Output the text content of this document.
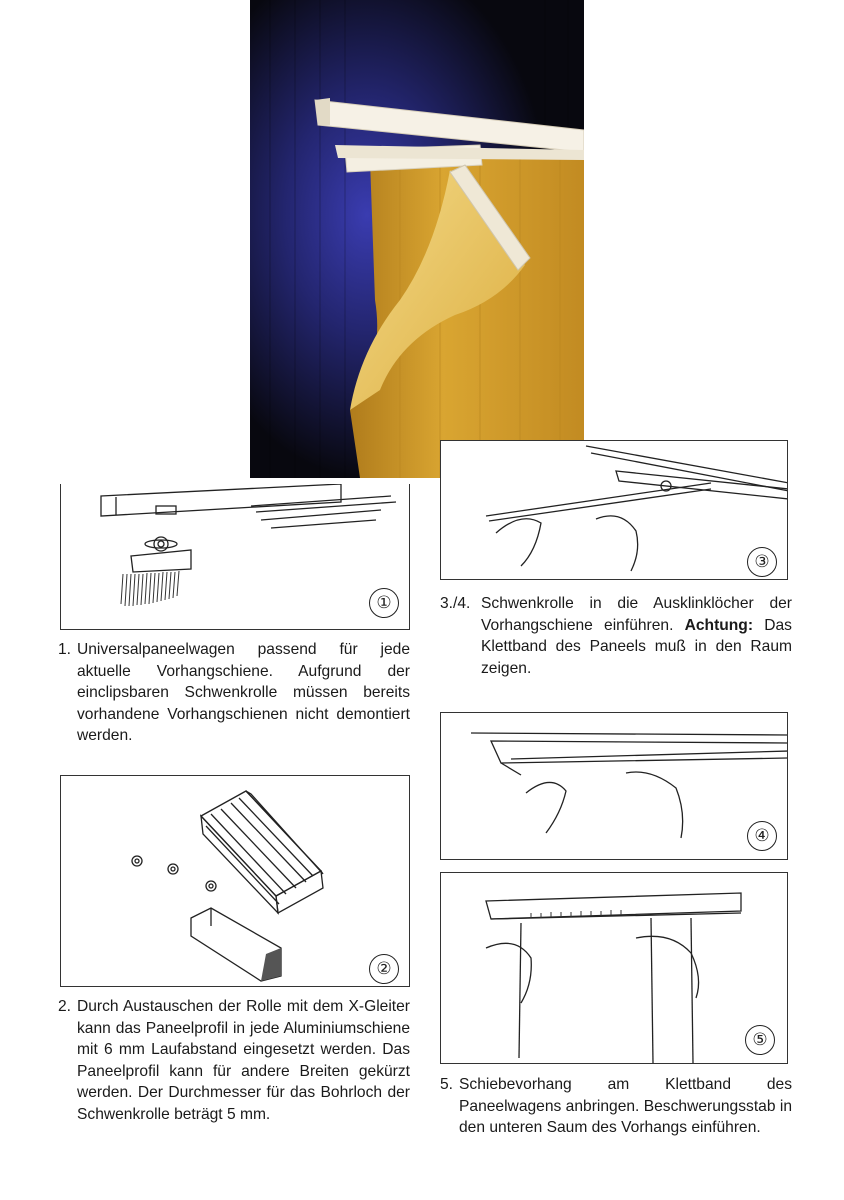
①
1. Universalpaneelwagen passend für jede aktuelle Vorhangschiene. Aufgrund der einclipsbaren Schwenkrolle müssen bereits vorhandene Vorhangschienen nicht demontiert werden.
②
2. Durch Austauschen der Rolle mit dem X-Gleiter kann das Paneelprofil in jede Aluminiumschiene mit 6 mm Laufabstand eingesetzt werden. Das Paneelprofil kann für andere Breiten gekürzt werden. Der Durchmesser für das Bohrloch der Schwenkrolle beträgt 5 mm.
③
3./4. Schwenkrolle in die Ausklinklöcher der Vorhangschiene einführen. Achtung: Das Klettband des Paneels muß in den Raum zeigen.
④
⑤
5. Schiebevorhang am Klettband des Paneelwagens anbringen. Beschwerungsstab in den unteren Saum des Vorhangs einführen.
